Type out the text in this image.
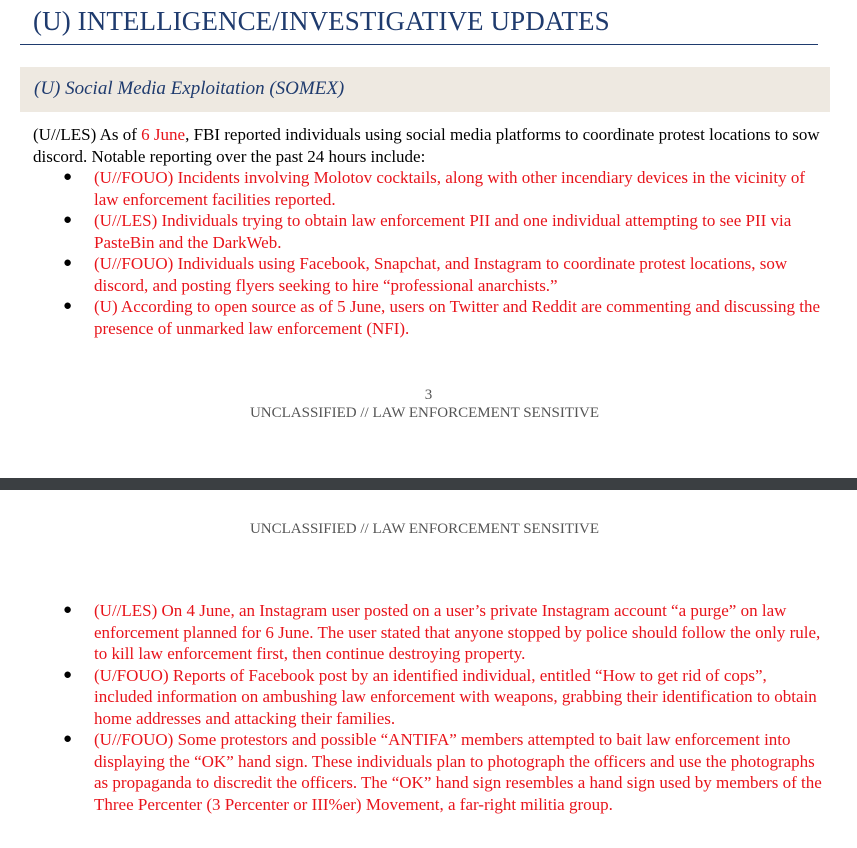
(U) INTELLIGENCE/INVESTIGATIVE UPDATES
(U) Social Media Exploitation (SOMEX)

(U//LES) As of 6 June, FBI reported individuals using social media platforms to coordinate protest locations to sow discord. Notable reporting over the past 24 hours include:

● (U//FOUO) Incidents involving Molotov cocktails, along with other incendiary devices in the vicinity of law enforcement facilities reported.
● (U//LES) Individuals trying to obtain law enforcement PII and one individual attempting to see PII via PasteBin and the DarkWeb.
● (U//FOUO) Individuals using Facebook, Snapchat, and Instagram to coordinate protest locations, sow discord, and posting flyers seeking to hire “professional anarchists.”
● (U) According to open source as of 5 June, users on Twitter and Reddit are commenting and discussing the presence of unmarked law enforcement (NFI).
3
UNCLASSIFIED // LAW ENFORCEMENT SENSITIVE
UNCLASSIFIED // LAW ENFORCEMENT SENSITIVE
● (U//LES) On 4 June, an Instagram user posted on a user’s private Instagram account “a purge” on law enforcement planned for 6 June. The user stated that anyone stopped by police should follow the only rule, to kill law enforcement first, then continue destroying property.
● (U/FOUO) Reports of Facebook post by an identified individual, entitled “How to get rid of cops”, included information on ambushing law enforcement with weapons, grabbing their identification to obtain home addresses and attacking their families.
● (U//FOUO) Some protestors and possible “ANTIFA” members attempted to bait law enforcement into displaying the “OK” hand sign. These individuals plan to photograph the officers and use the photographs as propaganda to discredit the officers. The “OK” hand sign resembles a hand sign used by members of the Three Percenter (3 Percenter or III%er) Movement, a far-right militia group.
